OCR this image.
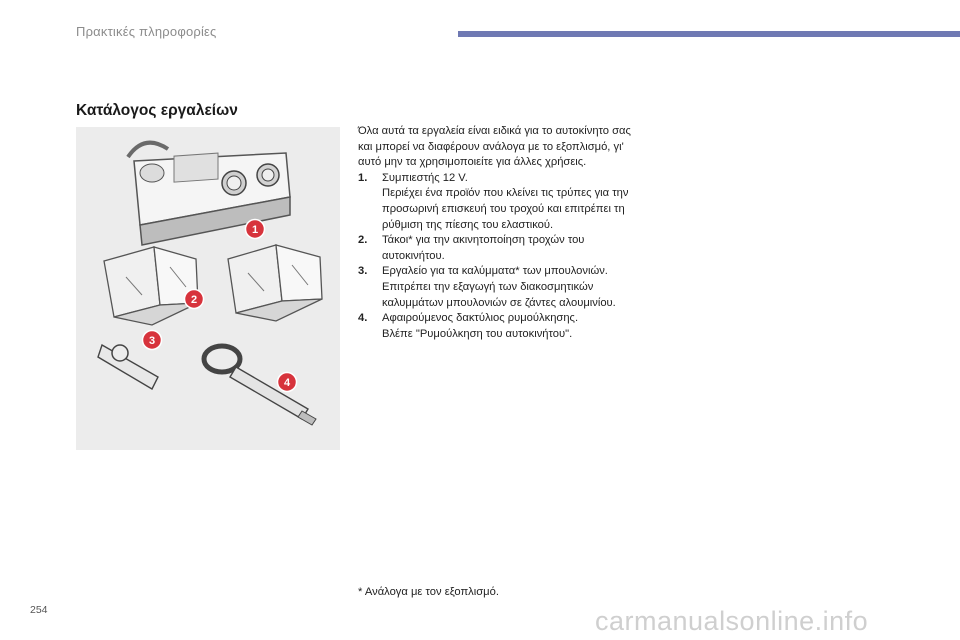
Πρακτικές πληροφορίες
Κατάλογος εργαλείων
1
2
3
4

Όλα αυτά τα εργαλεία είναι ειδικά για το αυτοκίνητο σας και μπορεί να διαφέρουν ανάλογα με το εξοπλισμό, γι' αυτό μην τα χρησιμοποιείτε για άλλες χρήσεις.

1. Συμπιεστής 12 V.

Περιέχει ένα προϊόν που κλείνει τις τρύπες για την προσωρινή επισκευή του τροχού και επιτρέπει τη ρύθμιση της πίεσης του ελαστικού.

2. Τάκοι* για την ακινητοποίηση τροχών του αυτοκινήτου.

3. Εργαλείο για τα καλύμματα* των μπουλονιών.

Επιτρέπει την εξαγωγή των διακοσμητικών καλυμμάτων μπουλονιών σε ζάντες αλουμινίου.

4. Αφαιρούμενος δακτύλιος ρυμούλκησης.

Βλέπε "Ρυμούλκηση του αυτοκινήτου".

* Ανάλογα με τον εξοπλισμό.
254	carmanualsonline.info
